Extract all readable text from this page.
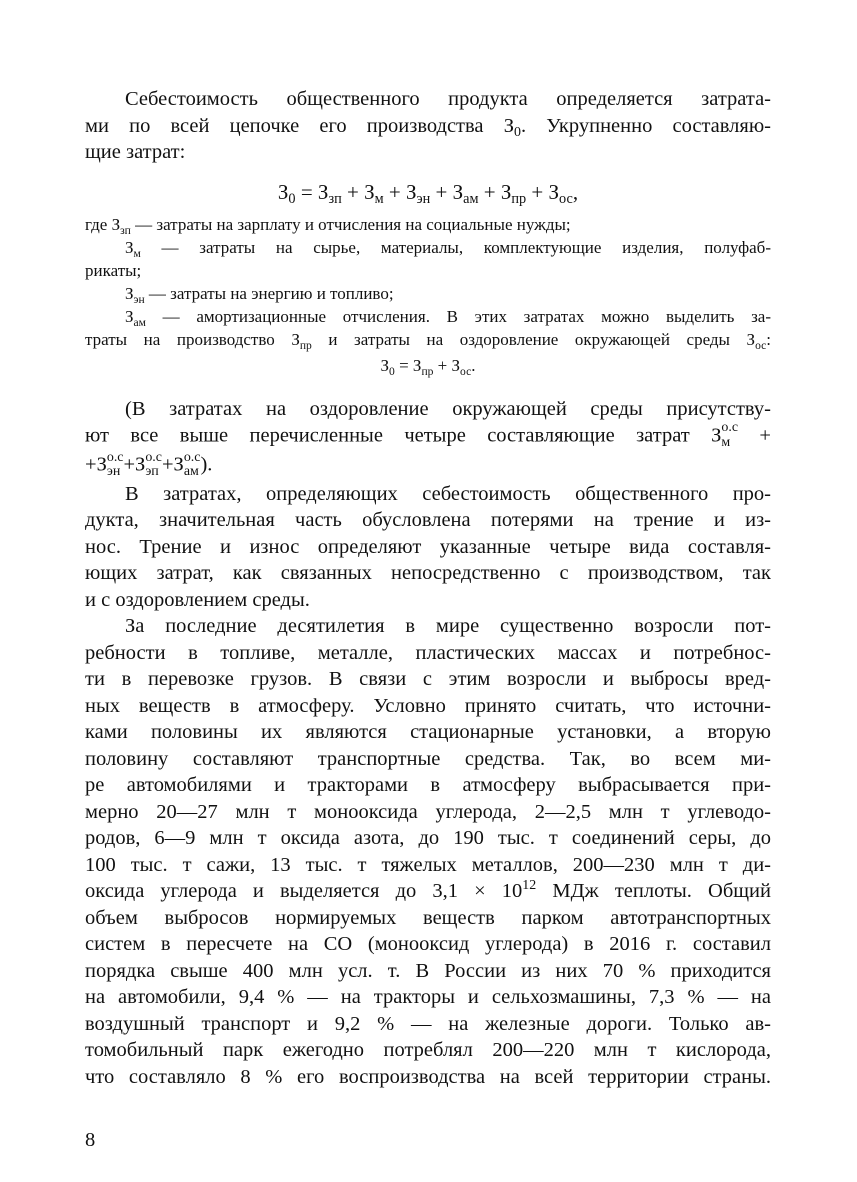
Себестоимость общественного продукта определяется затрата-
ми по всей цепочке его производства $З_0$. Укрупненно составляю-
щие затрат:
$З_0 = З_{зп} + З_м + З_{эн} + З_{ам} + З_{пр} + З_{ос}$,
где $З_{зп}$ — затраты на зарплату и отчисления на социальные нужды;
$З_м$ — затраты на сырье, материалы, комплектующие изделия, полуфаб-
рикаты;
$З_{эн}$ — затраты на энергию и топливо;
$З_{ам}$ — амортизационные отчисления. В этих затратах можно выделить за-
траты на производство $З_{пр}$ и затраты на оздоровление окружающей среды $З_{ос}$:
$З_0 = З_{пр} + З_{ос}$.
(В затратах на оздоровление окружающей среды присутству-
ют все выше перечисленные четыре составляющие затрат З о.с
м +
+З о.с
эн +З о.с
эп +З о.с
ам ).
В затратах, определяющих себестоимость общественного про-
дукта, значительная часть обусловлена потерями на трение и из-
нос. Трение и износ определяют указанные четыре вида составля-
ющих затрат, как связанных непосредственно с производством, так
и с оздоровлением среды.
За последние десятилетия в мире существенно возросли пот-
ребности в топливе, металле, пластических массах и потребнос-
ти в перевозке грузов. В связи с этим возросли и выбросы вред-
ных веществ в атмосферу. Условно принято считать, что источни-
ками половины их являются стационарные установки, а вторую
половину составляют транспортные средства. Так, во всем ми-
ре автомобилями и тракторами в атмосферу выбрасывается при-
мерно 20—27 млн т монооксида углерода, 2—2,5 млн т углеводо-
родов, 6—9 млн т оксида азота, до 190 тыс. т соединений серы, до
100 тыс. т сажи, 13 тыс. т тяжелых металлов, 200—230 млн т ди-
оксида углерода и выделяется до $3,1 \times 10^{12}$ МДж теплоты. Общий
объем выбросов нормируемых веществ парком автотранспортных
систем в пересчете на СО (монооксид углерода) в 2016 г. составил
порядка свыше 400 млн усл. т. В России из них 70 % приходится
на автомобили, 9,4 % — на тракторы и сельхозмашины, 7,3 % — на
воздушный транспорт и 9,2 % — на железные дороги. Только ав-
томобильный парк ежегодно потреблял 200—220 млн т кислорода,
что составляло 8 % его воспроизводства на всей территории страны.
8
